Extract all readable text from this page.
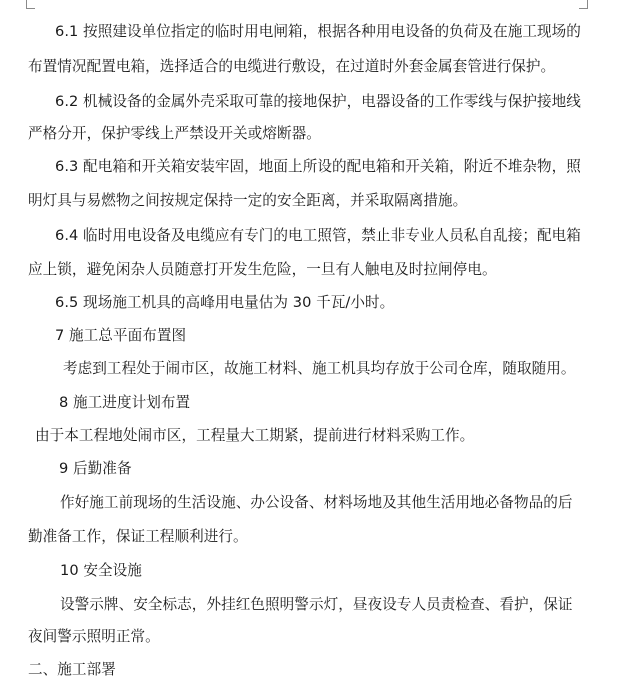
6.1 按照建设单位指定的临时用电闸箱，根据各种用电设备的负荷及在施工现场的
布置情况配置电箱，选择适合的电缆进行敷设，在过道时外套金属套管进行保护。
6.2 机械设备的金属外壳采取可靠的接地保护，电器设备的工作零线与保护接地线
严格分开，保护零线上严禁设开关或熔断器。
6.3 配电箱和开关箱安装牢固，地面上所设的配电箱和开关箱，附近不堆杂物，照
明灯具与易燃物之间按规定保持一定的安全距离，并采取隔离措施。
6.4 临时用电设备及电缆应有专门的电工照管，禁止非专业人员私自乱接；配电箱
应上锁，避免闲杂人员随意打开发生危险，一旦有人触电及时拉闸停电。
6.5 现场施工机具的高峰用电量估为 30 千瓦/小时。
7 施工总平面布置图
考虑到工程处于闹市区，故施工材料、施工机具均存放于公司仓库，随取随用。
8 施工进度计划布置
由于本工程地处闹市区，工程量大工期紧，提前进行材料采购工作。
9 后勤准备
作好施工前现场的生活设施、办公设备、材料场地及其他生活用地必备物品的后
勤准备工作，保证工程顺利进行。
10 安全设施
设警示牌、安全标志，外挂红色照明警示灯，昼夜设专人员责检查、看护，保证
夜间警示照明正常。
二、施工部署
